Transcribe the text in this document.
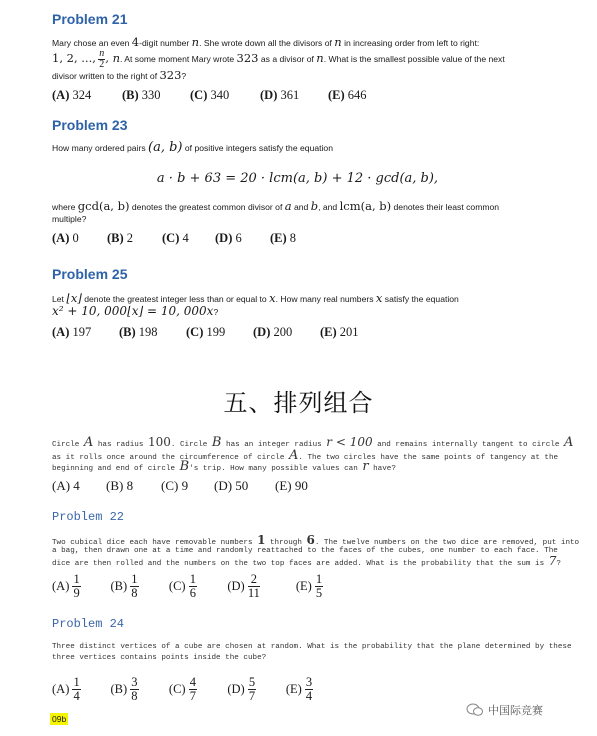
Problem 21
Mary chose an even 4-digit number n. She wrote down all the divisors of n in increasing order from left to right:
1, 2, ..., $\frac{n}{2}$ , n. At some moment Mary wrote 323 as a divisor of n. What is the smallest possible value of the next
divisor written to the right of 323?
(A) 324 (B) 330 (C) 340 (D) 361 (E) 646
Problem 23
How many ordered pairs (a, b) of positive integers satisfy the equation
a · b + 63 = 20 · lcm(a, b) + 12 · gcd(a, b),
where gcd(a, b) denotes the greatest common divisor of a and b, and lcm(a, b) denotes their least common
multiple?
(A) 0 (B) 2 (C) 4 (D) 6 (E) 8
Problem 25
Let ⌊x⌋ denote the greatest integer less than or equal to x. How many real numbers x satisfy the equation
x² + 10, 000⌊x⌋ = 10, 000x?
(A) 197 (B) 198 (C) 199 (D) 200 (E) 201
五、排列组合
Circle A has radius 100. Circle B has an integer radius r < 100 and remains internally tangent to circle A
as it rolls once around the circumference of circle A. The two circles have the same points of tangency at the
beginning and end of circle B's trip. How many possible values can r have?
(A) 4 (B) 8 (C) 9 (D) 50 (E) 90
Problem 22
Two cubical dice each have removable numbers 1 through 6. The twelve numbers on the two dice are removed, put into
a bag, then drawn one at a time and randomly reattached to the faces of the cubes, one number to each face. The
dice are then rolled and the numbers on the two top faces are added. What is the probability that the sum is 7?
$(A) \frac{1}{9} (B) \frac{1}{8} (C) \frac{1}{6} (D) \frac{2}{11}$	$(E) \frac{1}{5}$
Problem 24
Three distinct vertices of a cube are chosen at random. What is the probability that the plane determined by these
three vertices contains points inside the cube?
$(A) \frac{1}{4} (B) \frac{3}{8} (C) \frac{4}{7} (D) \frac{5}{7} (E) \frac{3}{4}$
09b
中国际竞赛
